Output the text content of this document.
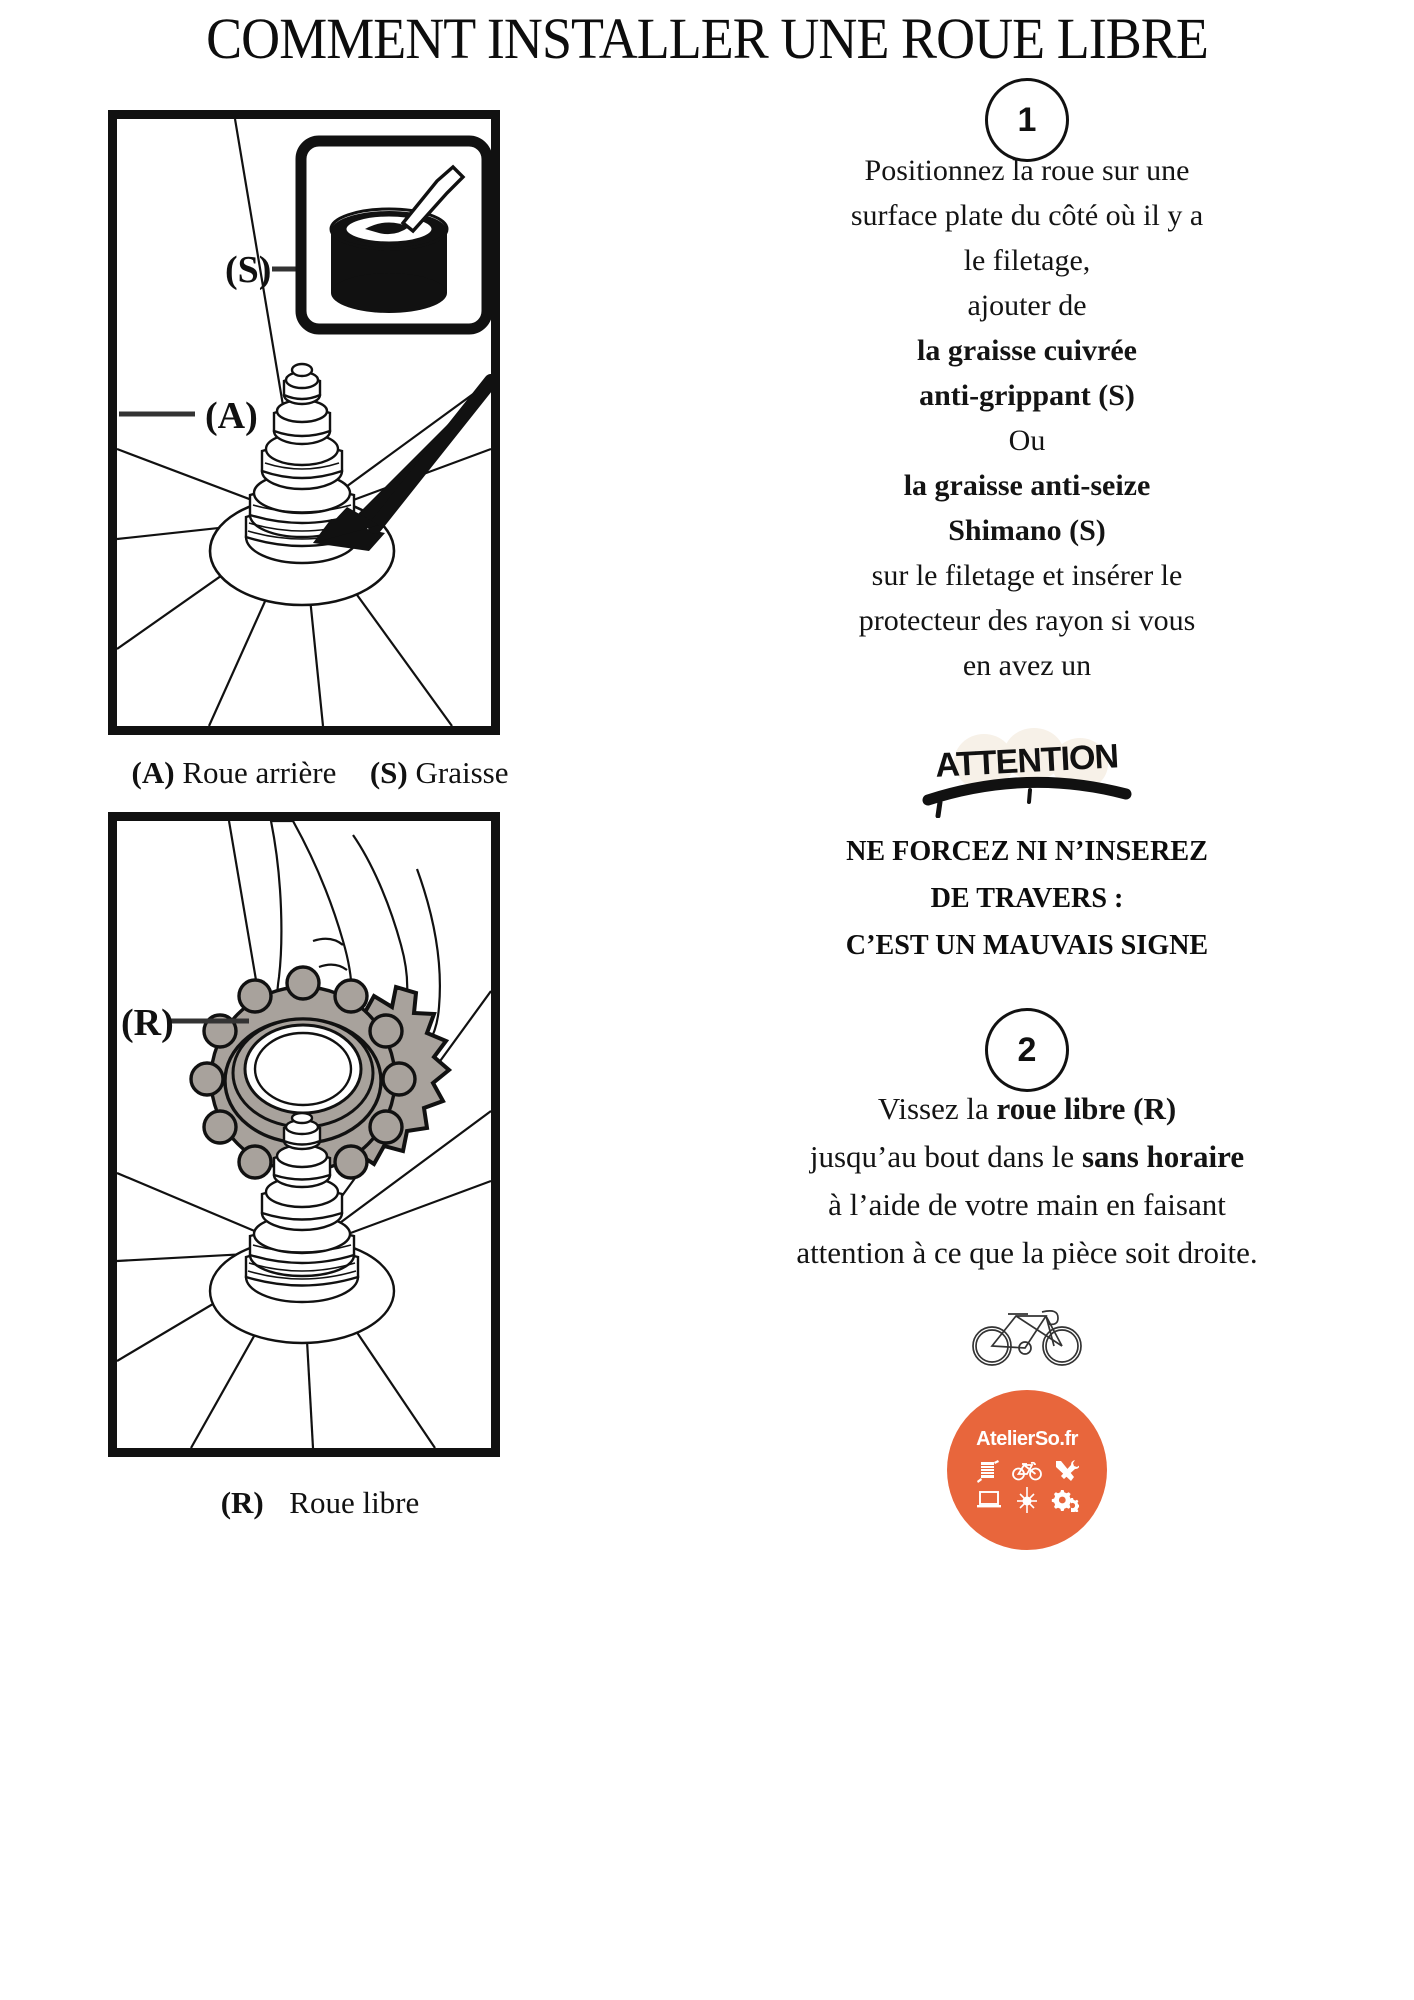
COMMENT INSTALLER UNE ROUE LIBRE
(S)
(A)
(A) Roue arrière (S) Graisse
(R)
(R) Roue libre
1
Positionnez la roue sur une
surface plate du côté où il y a
le filetage,
ajouter de
la graisse cuivrée
anti-grippant (S)
Ou
la graisse anti-seize
Shimano (S)
sur le filetage et insérer le
protecteur des rayon si vous
en avez un
ATTENTION
NE FORCEZ NI N’INSEREZ
DE TRAVERS :
C’EST UN MAUVAIS SIGNE
2
Vissez la roue libre (R)
jusqu’au bout dans le sans horaire
à l’aide de votre main en faisant
attention à ce que la pièce soit droite.
AtelierSo.fr
